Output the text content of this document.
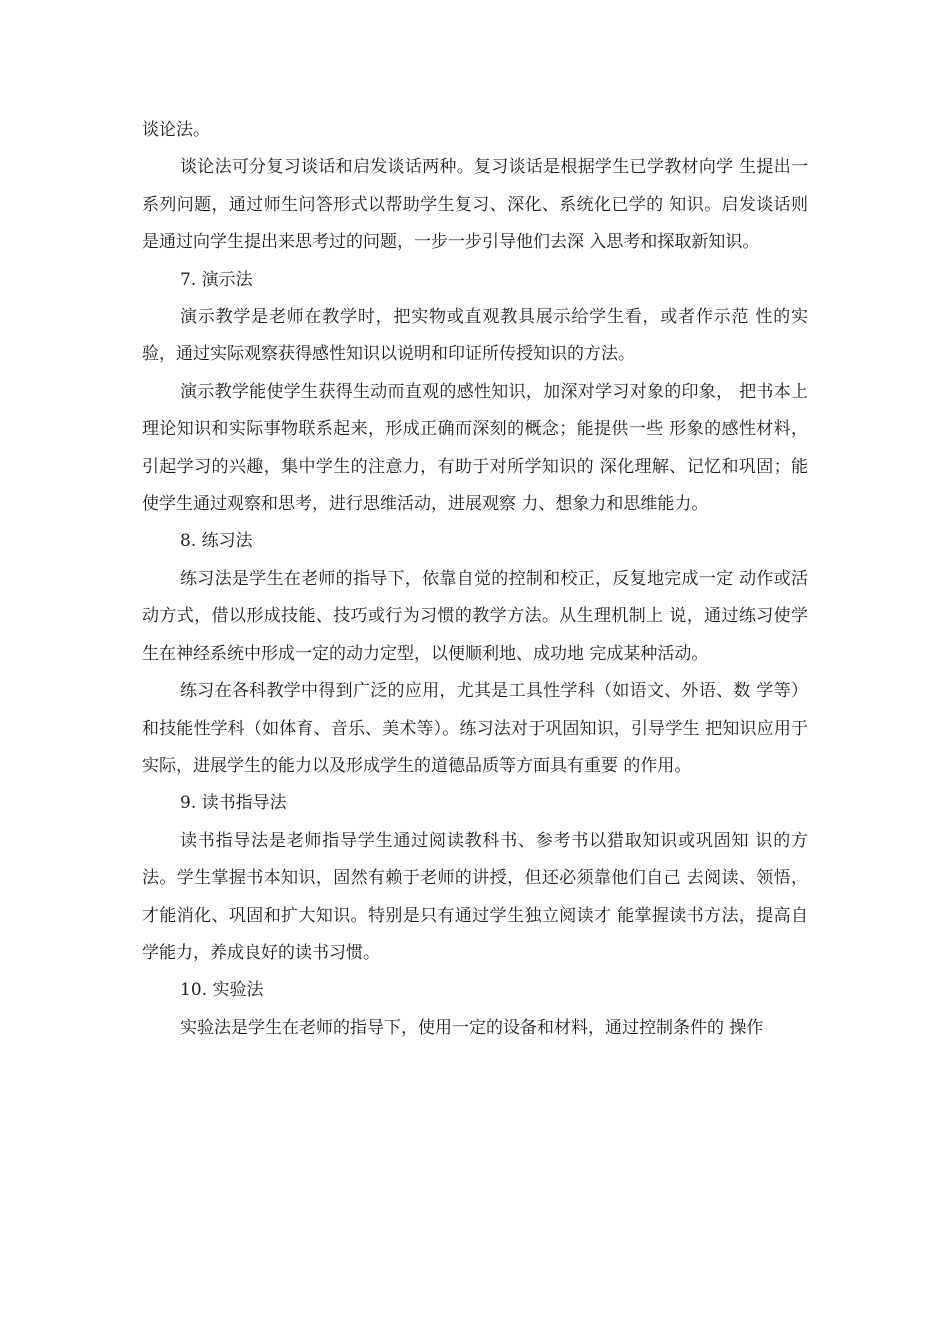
谈论法。

谈论法可分复习谈话和启发谈话两种。复习谈话是根据学生已学教材向学 生提出一系列问题，通过师生问答形式以帮助学生复习、深化、系统化已学的 知识。启发谈话则是通过向学生提出来思考过的问题，一步一步引导他们去深 入思考和探取新知识。

7. 演示法

演示教学是老师在教学时，把实物或直观教具展示给学生看，或者作示范 性的实验，通过实际观察获得感性知识以说明和印证所传授知识的方法。

演示教学能使学生获得生动而直观的感性知识，加深对学习对象的印象， 把书本上理论知识和实际事物联系起来，形成正确而深刻的概念；能提供一些 形象的感性材料，引起学习的兴趣，集中学生的注意力，有助于对所学知识的 深化理解、记忆和巩固；能使学生通过观察和思考，进行思维活动，进展观察 力、想象力和思维能力。

8. 练习法

练习法是学生在老师的指导下，依靠自觉的控制和校正，反复地完成一定 动作或活动方式，借以形成技能、技巧或行为习惯的教学方法。从生理机制上 说，通过练习使学生在神经系统中形成一定的动力定型，以便顺利地、成功地 完成某种活动。

练习在各科教学中得到广泛的应用，尤其是工具性学科（如语文、外语、数 学等）和技能性学科（如体育、音乐、美术等）。练习法对于巩固知识，引导学生 把知识应用于实际，进展学生的能力以及形成学生的道德品质等方面具有重要 的作用。

9. 读书指导法

读书指导法是老师指导学生通过阅读教科书、参考书以猎取知识或巩固知 识的方法。学生掌握书本知识，固然有赖于老师的讲授，但还必须靠他们自己 去阅读、领悟，才能消化、巩固和扩大知识。特别是只有通过学生独立阅读才 能掌握读书方法，提高自学能力，养成良好的读书习惯。

10. 实验法

实验法是学生在老师的指导下，使用一定的设备和材料，通过控制条件的 操作
